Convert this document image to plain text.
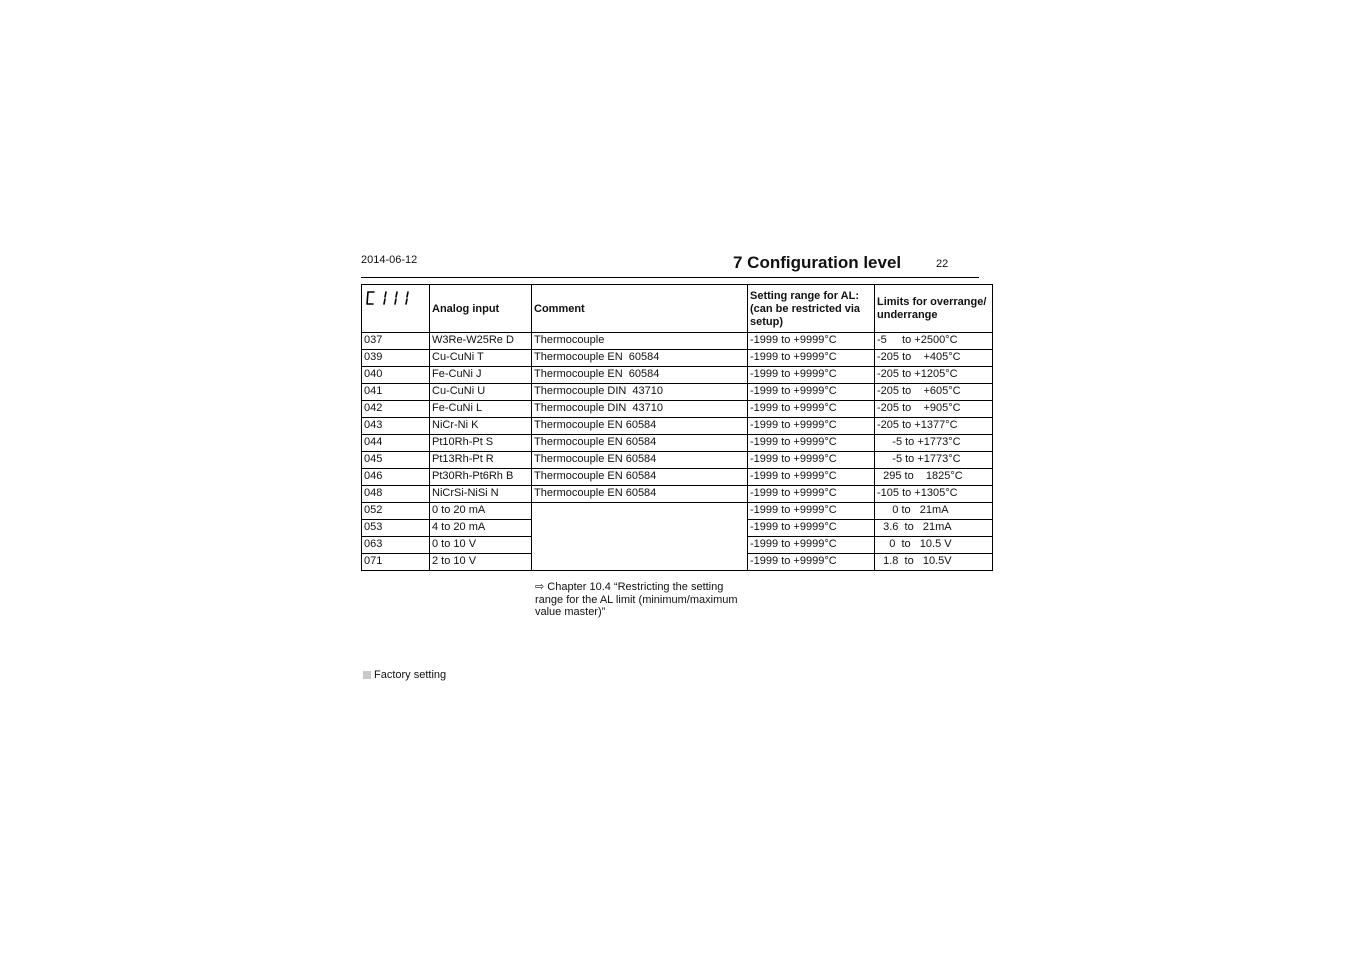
2014-06-12	7 Configuration level	22
	Analog input	Comment	Setting range for AL: (can be restricted via setup)	Limits for overrange/ underrange
037	W3Re-W25Re D	Thermocouple	-1999 to +9999°C	-5     to +2500°C
039	Cu-CuNi T	Thermocouple EN  60584	-1999 to +9999°C	-205 to    +405°C
040	Fe-CuNi J	Thermocouple EN  60584	-1999 to +9999°C	-205 to +1205°C
041	Cu-CuNi U	Thermocouple DIN  43710	-1999 to +9999°C	-205 to    +605°C
042	Fe-CuNi L	Thermocouple DIN  43710	-1999 to +9999°C	-205 to    +905°C
043	NiCr-Ni K	Thermocouple EN 60584	-1999 to +9999°C	-205 to +1377°C
044	Pt10Rh-Pt S	Thermocouple EN 60584	-1999 to +9999°C	-5 to +1773°C
045	Pt13Rh-Pt R	Thermocouple EN 60584	-1999 to +9999°C	-5 to +1773°C
046	Pt30Rh-Pt6Rh B	Thermocouple EN 60584	-1999 to +9999°C	295 to    1825°C
048	NiCrSi-NiSi N	Thermocouple EN 60584	-1999 to +9999°C	-105 to +1305°C
052	0 to 20 mA		-1999 to +9999°C	0 to   21mA
053	4 to 20 mA		-1999 to +9999°C	3.6  to   21mA
063	0 to 10 V		-1999 to +9999°C	0  to   10.5 V
071	2 to 10 V		-1999 to +9999°C	1.8  to   10.5V
⇨ Chapter 10.4 “Restricting the setting range for the AL limit (minimum/maximum value master)”
Factory setting
